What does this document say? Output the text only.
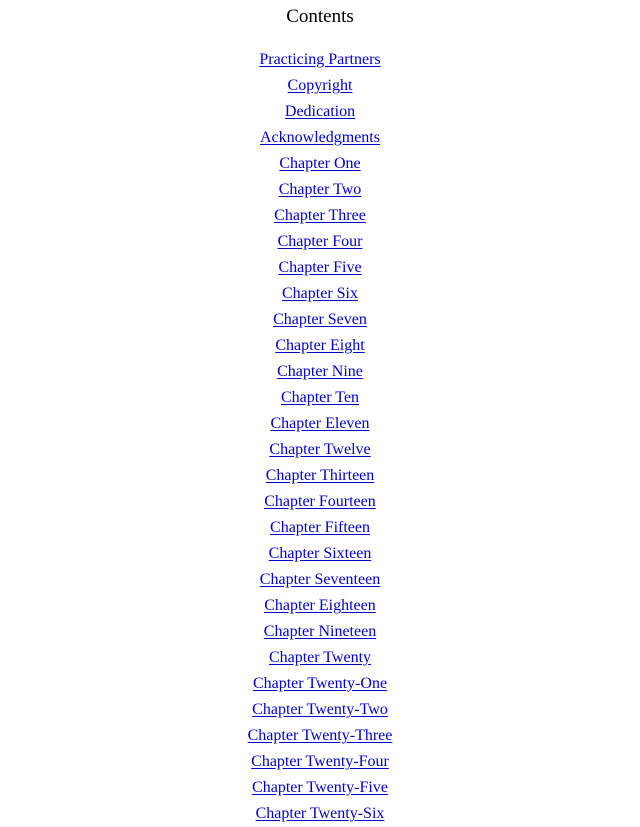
Contents
Practicing Partners
Copyright
Dedication
Acknowledgments
Chapter One
Chapter Two
Chapter Three
Chapter Four
Chapter Five
Chapter Six
Chapter Seven
Chapter Eight
Chapter Nine
Chapter Ten
Chapter Eleven
Chapter Twelve
Chapter Thirteen
Chapter Fourteen
Chapter Fifteen
Chapter Sixteen
Chapter Seventeen
Chapter Eighteen
Chapter Nineteen
Chapter Twenty
Chapter Twenty-One
Chapter Twenty-Two
Chapter Twenty-Three
Chapter Twenty-Four
Chapter Twenty-Five
Chapter Twenty-Six
